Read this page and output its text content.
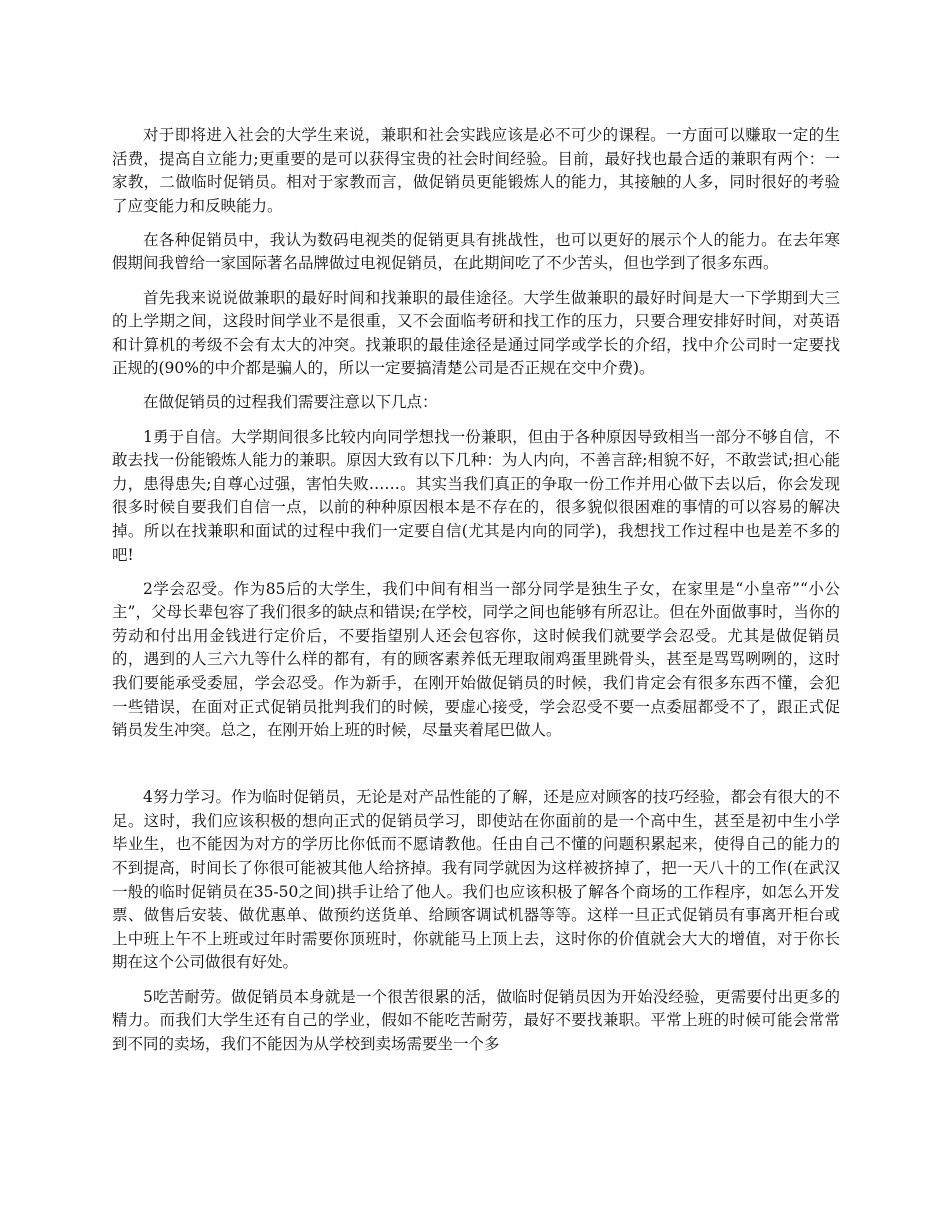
对于即将进入社会的大学生来说，兼职和社会实践应该是必不可少的课程。一方面可以赚取一定的生活费，提高自立能力;更重要的是可以获得宝贵的社会时间经验。目前，最好找也最合适的兼职有两个：一家教，二做临时促销员。相对于家教而言，做促销员更能锻炼人的能力，其接触的人多，同时很好的考验了应变能力和反映能力。

在各种促销员中，我认为数码电视类的促销更具有挑战性，也可以更好的展示个人的能力。在去年寒假期间我曾给一家国际著名品牌做过电视促销员，在此期间吃了不少苦头，但也学到了很多东西。

首先我来说说做兼职的最好时间和找兼职的最佳途径。大学生做兼职的最好时间是大一下学期到大三的上学期之间，这段时间学业不是很重，又不会面临考研和找工作的压力，只要合理安排好时间，对英语和计算机的考级不会有太大的冲突。找兼职的最佳途径是通过同学或学长的介绍，找中介公司时一定要找正规的(90%的中介都是骗人的，所以一定要搞清楚公司是否正规在交中介费)。

在做促销员的过程我们需要注意以下几点：

1勇于自信。大学期间很多比较内向同学想找一份兼职，但由于各种原因导致相当一部分不够自信，不敢去找一份能锻炼人能力的兼职。原因大致有以下几种：为人内向，不善言辞;相貌不好，不敢尝试;担心能力，患得患失;自尊心过强，害怕失败……。其实当我们真正的争取一份工作并用心做下去以后，你会发现很多时候自要我们自信一点，以前的种种原因根本是不存在的，很多貌似很困难的事情的可以容易的解决掉。所以在找兼职和面试的过程中我们一定要自信(尤其是内向的同学)，我想找工作过程中也是差不多的吧!

2学会忍受。作为85后的大学生，我们中间有相当一部分同学是独生子女，在家里是“小皇帝”“小公主”，父母长辈包容了我们很多的缺点和错误;在学校，同学之间也能够有所忍让。但在外面做事时，当你的劳动和付出用金钱进行定价后，不要指望别人还会包容你，这时候我们就要学会忍受。尤其是做促销员的，遇到的人三六九等什么样的都有，有的顾客素养低无理取闹鸡蛋里跳骨头，甚至是骂骂咧咧的，这时我们要能承受委屈，学会忍受。作为新手，在刚开始做促销员的时候，我们肯定会有很多东西不懂，会犯一些错误，在面对正式促销员批判我们的时候，要虚心接受，学会忍受不要一点委屈都受不了，跟正式促销员发生冲突。总之，在刚开始上班的时候，尽量夹着尾巴做人。

4努力学习。作为临时促销员，无论是对产品性能的了解，还是应对顾客的技巧经验，都会有很大的不足。这时，我们应该积极的想向正式的促销员学习，即使站在你面前的是一个高中生，甚至是初中生小学毕业生，也不能因为对方的学历比你低而不愿请教他。任由自己不懂的问题积累起来，使得自己的能力的不到提高，时间长了你很可能被其他人给挤掉。我有同学就因为这样被挤掉了，把一天八十的工作(在武汉一般的临时促销员在35-50之间)拱手让给了他人。我们也应该积极了解各个商场的工作程序，如怎么开发票、做售后安装、做优惠单、做预约送货单、给顾客调试机器等等。这样一旦正式促销员有事离开柜台或上中班上午不上班或过年时需要你顶班时，你就能马上顶上去，这时你的价值就会大大的增值，对于你长期在这个公司做很有好处。

5吃苦耐劳。做促销员本身就是一个很苦很累的活，做临时促销员因为开始没经验，更需要付出更多的精力。而我们大学生还有自己的学业，假如不能吃苦耐劳，最好不要找兼职。平常上班的时候可能会常常到不同的卖场，我们不能因为从学校到卖场需要坐一个多
